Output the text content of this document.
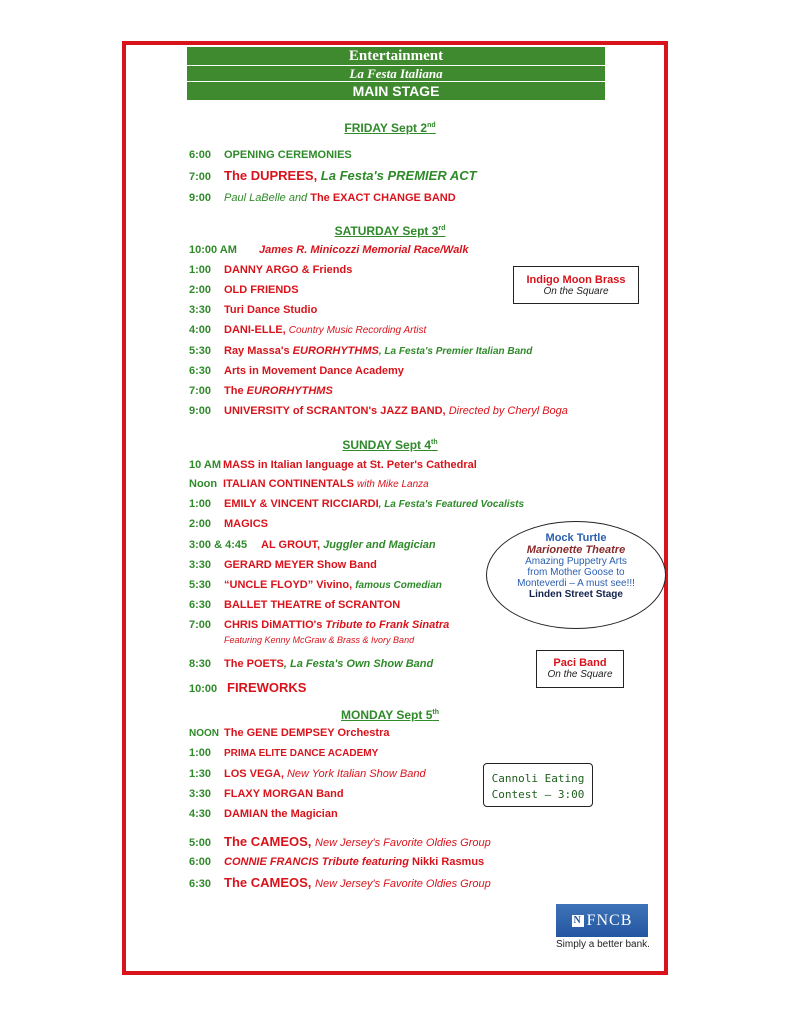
Entertainment
La Festa Italiana
MAIN STAGE
FRIDAY Sept 2nd
6:00 OPENING CEREMONIES
7:00 The DUPREES, La Festa's PREMIER ACT
9:00 Paul LaBelle and The EXACT CHANGE BAND
SATURDAY Sept 3rd
10:00 AM James R. Minicozzi Memorial Race/Walk
1:00 DANNY ARGO & Friends
2:00 OLD FRIENDS
3:30 Turi Dance Studio
4:00 DANI-ELLE, Country Music Recording Artist
5:30 Ray Massa's EURORHYTHMS, La Festa's Premier Italian Band
6:30 Arts in Movement Dance Academy
7:00 The EURORHYTHMS
9:00 UNIVERSITY of SCRANTON's JAZZ BAND, Directed by Cheryl Boga
SUNDAY Sept 4th
10 AM MASS in Italian language at St. Peter's Cathedral
Noon ITALIAN CONTINENTALS with Mike Lanza
1:00 EMILY & VINCENT RICCIARDI, La Festa's Featured Vocalists
2:00 MAGICS
3:00 & 4:45 AL GROUT, Juggler and Magician
3:30 GERARD MEYER Show Band
5:30 “UNCLE FLOYD” Vivino, famous Comedian
6:30 BALLET THEATRE of SCRANTON
7:00 CHRIS DiMATTIO's Tribute to Frank Sinatra
Featuring Kenny McGraw & Brass & Ivory Band
8:30 The POETS, La Festa's Own Show Band
10:00 FIREWORKS
MONDAY Sept 5th
NOON The GENE DEMPSEY Orchestra
1:00 PRIMA ELITE DANCE ACADEMY
1:30 LOS VEGA, New York Italian Show Band
3:30 FLAXY MORGAN Band
4:30 DAMIAN the Magician
5:00 The CAMEOS, New Jersey's Favorite Oldies Group
6:00 CONNIE FRANCIS Tribute featuring Nikki Rasmus
6:30 The CAMEOS, New Jersey's Favorite Oldies Group
Indigo Moon Brass
On the Square
Mock Turtle
Marionette Theatre
Amazing Puppetry Arts
from Mother Goose to
Monteverdi – A must see!!!
Linden Street Stage
Paci Band
On the Square
Cannoli Eating
Contest – 3:00
N FNCB
Simply a better bank.
